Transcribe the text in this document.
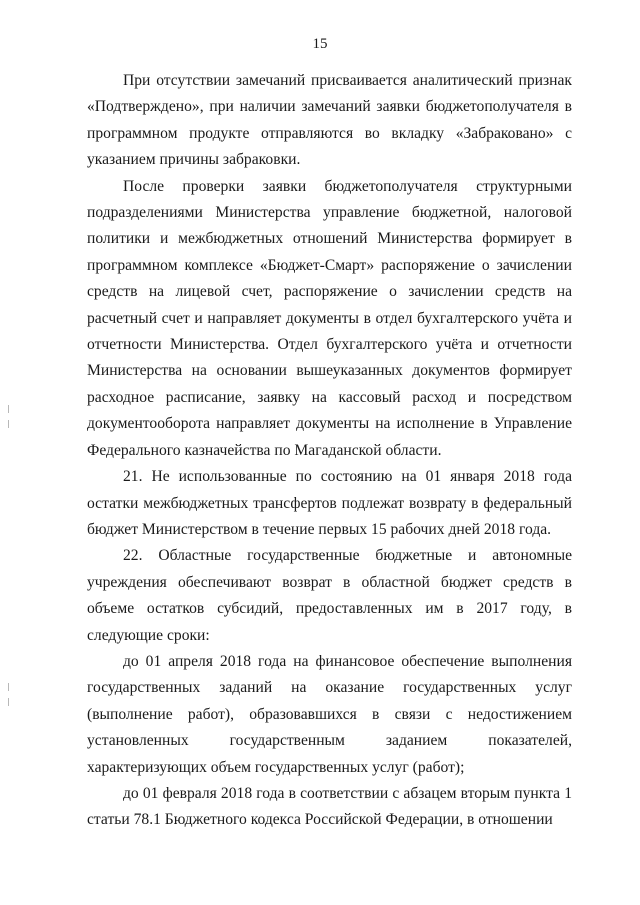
15

При отсутствии замечаний присваивается аналитический признак «Подтверждено», при наличии замечаний заявки бюджетополучателя в программном продукте отправляются во вкладку «Забраковано» с указанием причины забраковки.

После проверки заявки бюджетополучателя структурными подразделениями Министерства управление бюджетной, налоговой политики и межбюджетных отношений Министерства формирует в программном комплексе «Бюджет-Смарт» распоряжение о зачислении средств на лицевой счет, распоряжение о зачислении средств на расчетный счет и направляет документы в отдел бухгалтерского учёта и отчетности Министерства. Отдел бухгалтерского учёта и отчетности Министерства на основании вышеуказанных документов формирует расходное расписание, заявку на кассовый расход и посредством документооборота направляет документы на исполнение в Управление Федерального казначейства по Магаданской области.

21. Не использованные по состоянию на 01 января 2018 года остатки межбюджетных трансфертов подлежат возврату в федеральный бюджет Министерством в течение первых 15 рабочих дней 2018 года.

22. Областные государственные бюджетные и автономные учреждения обеспечивают возврат в областной бюджет средств в объеме остатков субсидий, предоставленных им в 2017 году, в следующие сроки:

до 01 апреля 2018 года на финансовое обеспечение выполнения государственных заданий на оказание государственных услуг (выполнение работ), образовавшихся в связи с недостижением установленных государственным заданием показателей, характеризующих объем государственных услуг (работ);

до 01 февраля 2018 года в соответствии с абзацем вторым пункта 1 статьи 78.1 Бюджетного кодекса Российской Федерации, в отношении
